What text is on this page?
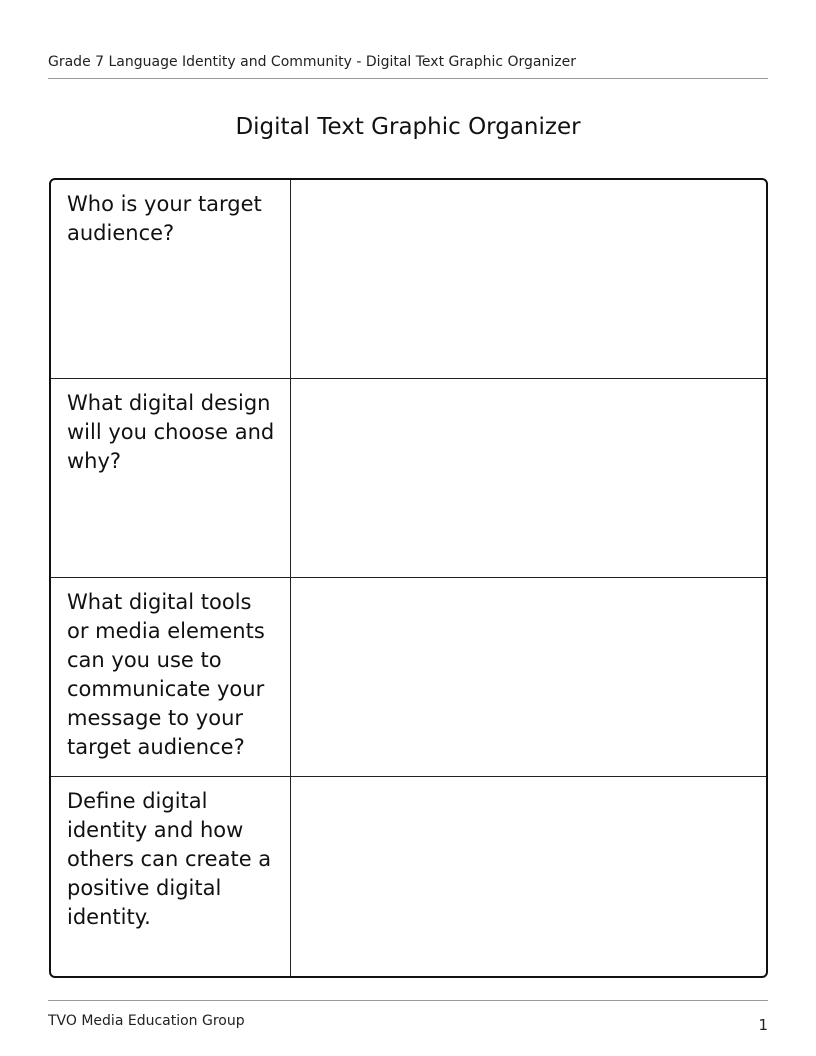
Grade 7 Language Identity and Community - Digital Text Graphic Organizer
Digital Text Graphic Organizer
Who is your target audience?
What digital design will you choose and why?
What digital tools or media elements can you use to communicate your message to your target audience?
Define digital identity and how others can create a positive digital identity.
TVO Media Education Group	1
